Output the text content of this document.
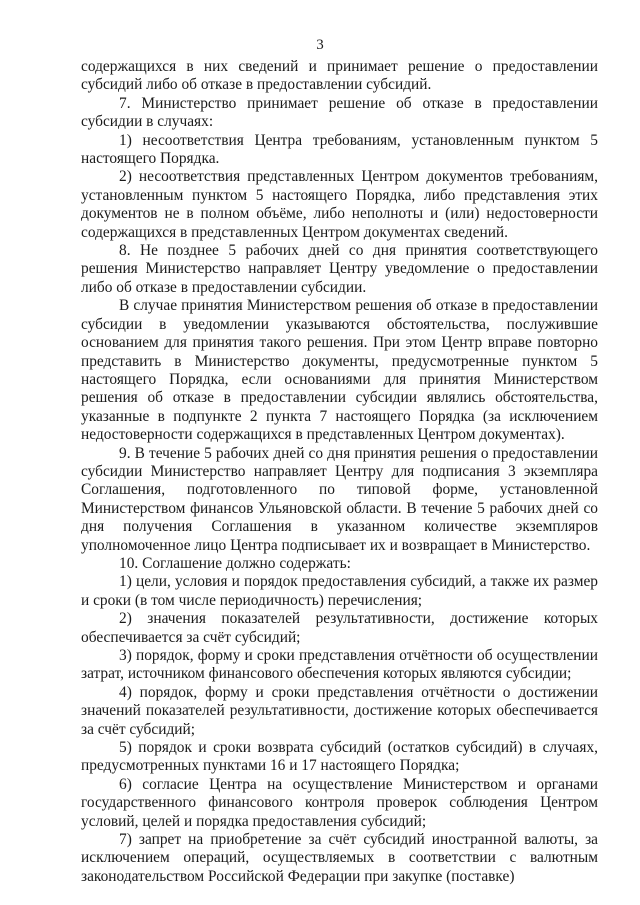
3

содержащихся в них сведений и принимает решение о предоставлении субсидий либо об отказе в предоставлении субсидий.

7. Министерство принимает решение об отказе в предоставлении субсидии в случаях:

1) несоответствия Центра требованиям, установленным пунктом 5 настоящего Порядка.

2) несоответствия представленных Центром документов требованиям, установленным пунктом 5 настоящего Порядка, либо представления этих документов не в полном объёме, либо неполноты и (или) недостоверности содержащихся в представленных Центром документах сведений.

8. Не позднее 5 рабочих дней со дня принятия соответствующего решения Министерство направляет Центру уведомление о предоставлении либо об отказе в предоставлении субсидии.

В случае принятия Министерством решения об отказе в предоставлении субсидии в уведомлении указываются обстоятельства, послужившие основанием для принятия такого решения. При этом Центр вправе повторно представить в Министерство документы, предусмотренные пунктом 5 настоящего Порядка, если основаниями для принятия Министерством решения об отказе в предоставлении субсидии являлись обстоятельства, указанные в подпункте 2 пункта 7 настоящего Порядка (за исключением недостоверности содержащихся в представленных Центром документах).

9. В течение 5 рабочих дней со дня принятия решения о предоставлении субсидии Министерство направляет Центру для подписания 3 экземпляра Соглашения, подготовленного по типовой форме, установленной Министерством финансов Ульяновской области. В течение 5 рабочих дней со дня получения Соглашения в указанном количестве экземпляров уполномоченное лицо Центра подписывает их и возвращает в Министерство.

10. Соглашение должно содержать:

1) цели, условия и порядок предоставления субсидий, а также их размер и сроки (в том числе периодичность) перечисления;

2) значения показателей результативности, достижение которых обеспечивается за счёт субсидий;

3) порядок, форму и сроки представления отчётности об осуществлении затрат, источником финансового обеспечения которых являются субсидии;

4) порядок, форму и сроки представления отчётности о достижении значений показателей результативности, достижение которых обеспечивается за счёт субсидий;

5) порядок и сроки возврата субсидий (остатков субсидий) в случаях, предусмотренных пунктами 16 и 17 настоящего Порядка;

6) согласие Центра на осуществление Министерством и органами государственного финансового контроля проверок соблюдения Центром условий, целей и порядка предоставления субсидий;

7) запрет на приобретение за счёт субсидий иностранной валюты, за исключением операций, осуществляемых в соответствии с валютным законодательством Российской Федерации при закупке (поставке)
